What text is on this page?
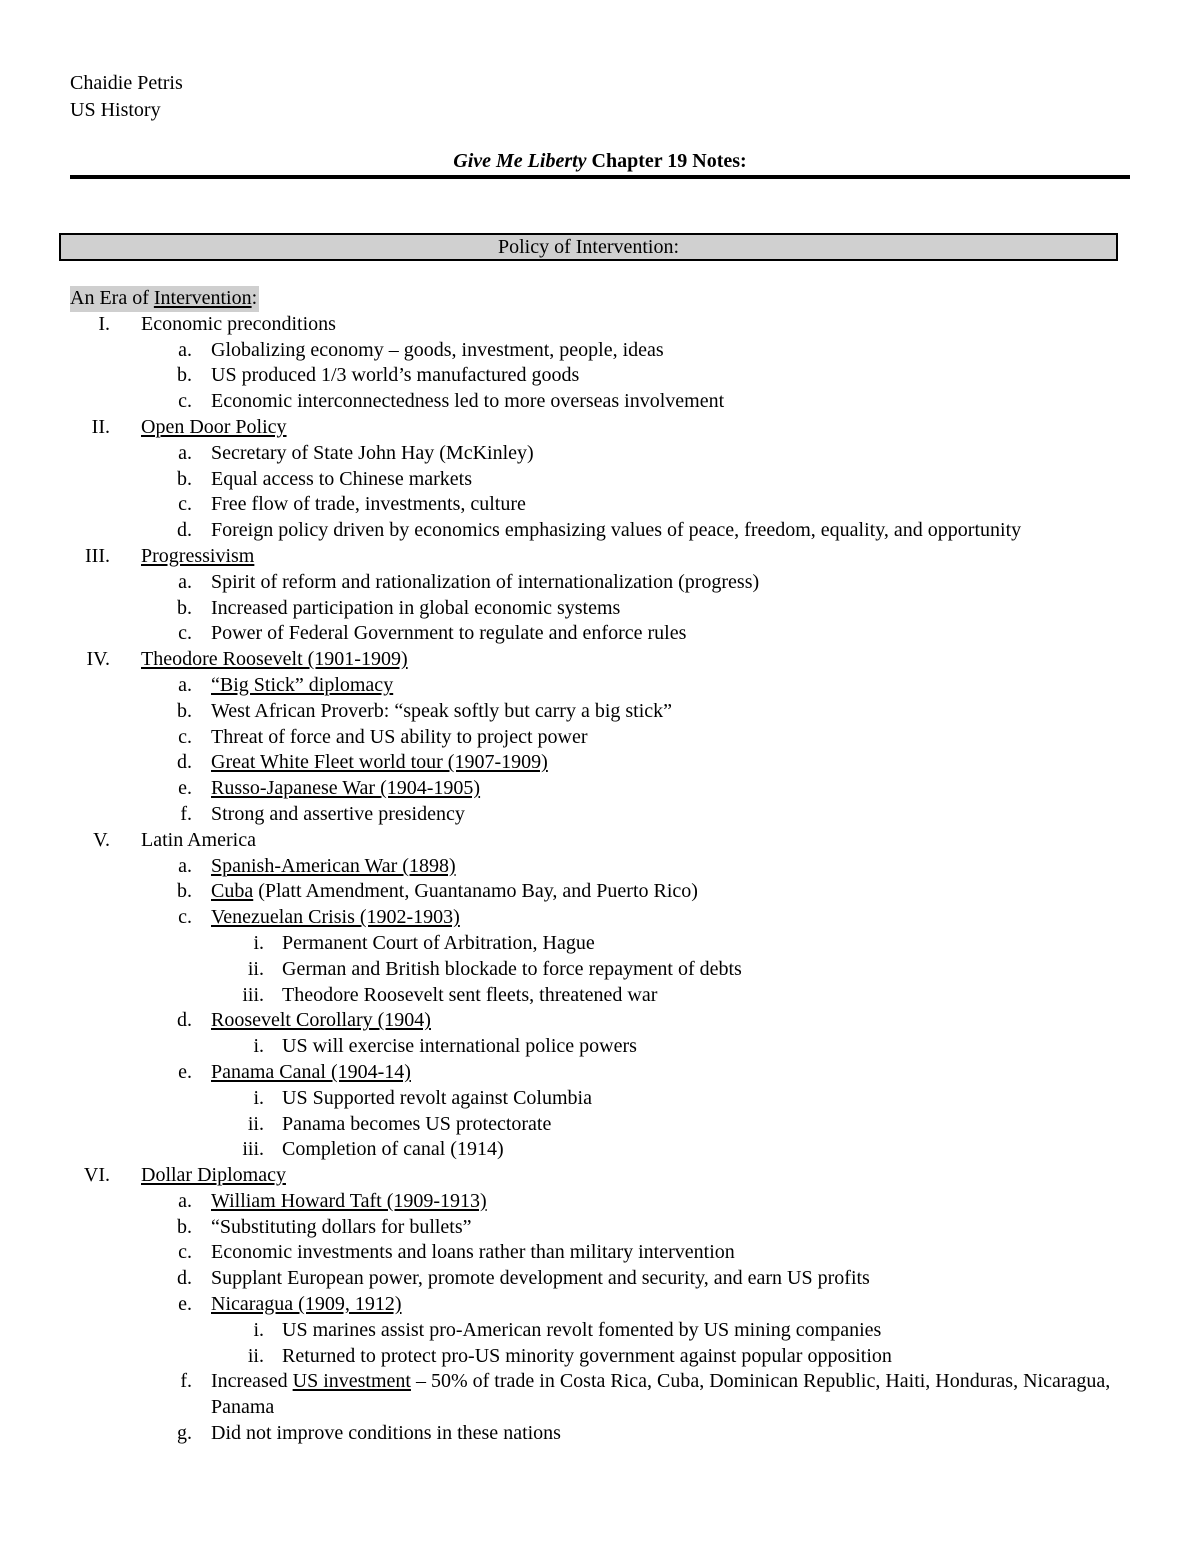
Chaidie Petris
US History
Give Me Liberty Chapter 19 Notes:
Policy of Intervention:
An Era of Intervention:
I. Economic preconditions
a. Globalizing economy – goods, investment, people, ideas
b. US produced 1/3 world’s manufactured goods
c. Economic interconnectedness led to more overseas involvement
II. Open Door Policy
a. Secretary of State John Hay (McKinley)
b. Equal access to Chinese markets
c. Free flow of trade, investments, culture
d. Foreign policy driven by economics emphasizing values of peace, freedom, equality, and opportunity
III. Progressivism
a. Spirit of reform and rationalization of internationalization (progress)
b. Increased participation in global economic systems
c. Power of Federal Government to regulate and enforce rules
IV. Theodore Roosevelt (1901-1909)
a. “Big Stick” diplomacy
b. West African Proverb: “speak softly but carry a big stick”
c. Threat of force and US ability to project power
d. Great White Fleet world tour (1907-1909)
e. Russo-Japanese War (1904-1905)
f. Strong and assertive presidency
V. Latin America
a. Spanish-American War (1898)
b. Cuba (Platt Amendment, Guantanamo Bay, and Puerto Rico)
c. Venezuelan Crisis (1902-1903)
i. Permanent Court of Arbitration, Hague
ii. German and British blockade to force repayment of debts
iii. Theodore Roosevelt sent fleets, threatened war
d. Roosevelt Corollary (1904)
i. US will exercise international police powers
e. Panama Canal (1904-14)
i. US Supported revolt against Columbia
ii. Panama becomes US protectorate
iii. Completion of canal (1914)
VI. Dollar Diplomacy
a. William Howard Taft (1909-1913)
b. “Substituting dollars for bullets”
c. Economic investments and loans rather than military intervention
d. Supplant European power, promote development and security, and earn US profits
e. Nicaragua (1909, 1912)
i. US marines assist pro-American revolt fomented by US mining companies
ii. Returned to protect pro-US minority government against popular opposition
f. Increased US investment – 50% of trade in Costa Rica, Cuba, Dominican Republic, Haiti, Honduras, Nicaragua, Panama
g. Did not improve conditions in these nations
